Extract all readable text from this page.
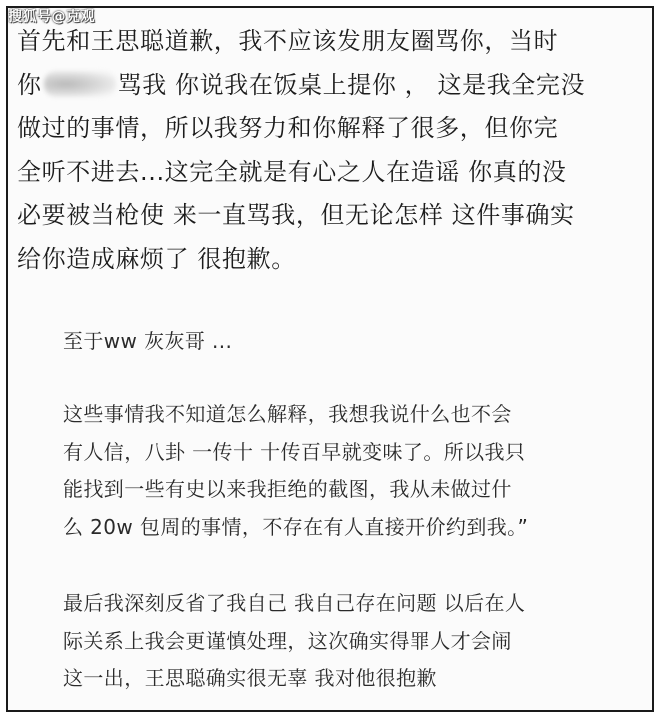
搜狐号@克观

首先和王思聪道歉，我不应该发朋友圈骂你，当时

你	骂我 你说我在饭桌上提你 ， 这是我全完没

做过的事情，所以我努力和你解释了很多，但你完

全听不进去...这完全就是有心之人在造谣 你真的没

必要被当枪使 来一直骂我，但无论怎样 这件事确实

给你造成麻烦了 很抱歉。

至于ww 灰灰哥 ...

这些事情我不知道怎么解释，我想我说什么也不会

有人信，八卦 一传十 十传百早就变味了。所以我只

能找到一些有史以来我拒绝的截图，我从未做过什

么 20w 包周的事情，不存在有人直接开价约到我。”

最后我深刻反省了我自己 我自己存在问题 以后在人

际关系上我会更谨慎处理，这次确实得罪人才会闹

这一出，王思聪确实很无辜 我对他很抱歉
